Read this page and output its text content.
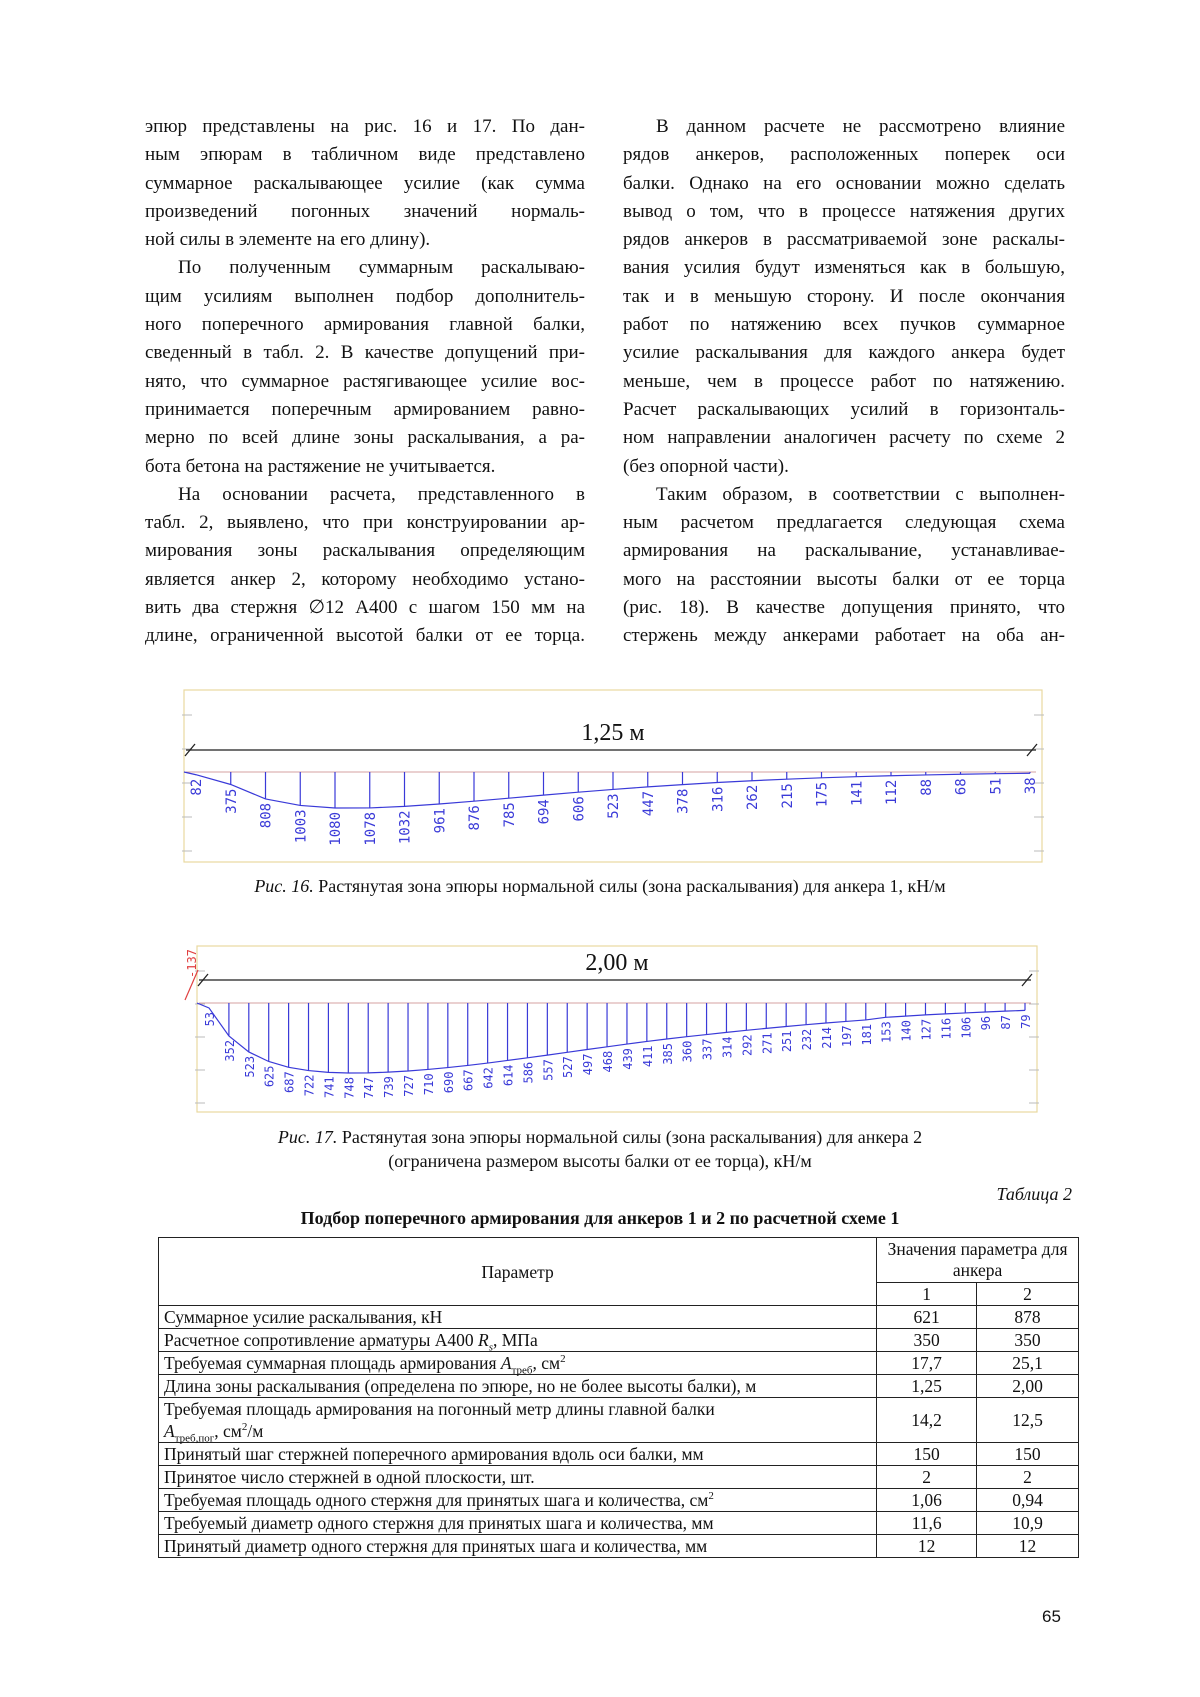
эпюр представлены на рис. 16 и 17. По дан-
ным эпюрам в табличном виде представлено
суммарное раскалывающее усилие (как сумма
произведений погонных значений нормаль-
ной силы в элементе на его длину).
По полученным суммарным раскалываю-
щим усилиям выполнен подбор дополнитель-
ного поперечного армирования главной балки,
сведенный в табл. 2. В качестве допущений при-
нято, что суммарное растягивающее усилие вос-
принимается поперечным армированием равно-
мерно по всей длине зоны раскалывания, а ра-
бота бетона на растяжение не учитывается.
На основании расчета, представленного в
табл. 2, выявлено, что при конструировании ар-
мирования зоны раскалывания определяющим
является анкер 2, которому необходимо устано-
вить два стержня ∅12 А400 с шагом 150 мм на
длине, ограниченной высотой балки от ее торца.
В данном расчете не рассмотрено влияние
рядов анкеров, расположенных поперек оси
балки. Однако на его основании можно сделать
вывод о том, что в процессе натяжения других
рядов анкеров в рассматриваемой зоне раскалы-
вания усилия будут изменяться как в большую,
так и в меньшую сторону. И после окончания
работ по натяжению всех пучков суммарное
усилие раскалывания для каждого анкера будет
меньше, чем в процессе работ по натяжению.
Расчет раскалывающих усилий в горизонталь-
ном направлении аналогичен расчету по схеме 2
(без опорной части).
Таким образом, в соответствии с выполнен-
ным расчетом предлагается следующая схема
армирования на раскалывание, устанавливае-
мого на расстоянии высоты балки от ее торца
(рис. 18). В качестве допущения принято, что
стержень между анкерами работает на оба ан-
1,25 м
82
375
808 1003 1080 1078 1032 961 876 785 694 606 523 447 378 316 262 215 175 141 112 88 68 51 38
2,00 м
53
352
523 625 687 722 741 748 747 739 727 710 690 667 642 614 586 557 527 497 468 439 411 385 360 337 314 292 271 251 232 214 197 181 153 140 127 116 106 96 87 79
-137
Рис. 16. Растянутая зона эпюры нормальной силы (зона раскалывания) для анкера 1, кН/м
Рис. 17. Растянутая зона эпюры нормальной силы (зона раскалывания) для анкера 2
(ограничена размером высоты балки от ее торца), кН/м
Таблица 2
Подбор поперечного армирования для анкеров 1 и 2 по расчетной схеме 1
Параметр	Значения параметра для анкера
1	2
Суммарное усилие раскалывания, кН	621	878
Расчетное сопротивление арматуры А400 Rs, МПа	350	350
Требуемая суммарная площадь армирования Aтреб, см2	17,7	25,1
Длина зоны раскалывания (определена по эпюре, но не более высоты балки), м	1,25	2,00
Требуемая площадь армирования на погонный метр длины главной балки
Aтреб,пог, см2/м	14,2	12,5
Принятый шаг стержней поперечного армирования вдоль оси балки, мм	150	150
Принятое число стержней в одной плоскости, шт.	2	2
Требуемая площадь одного стержня для принятых шага и количества, см2	1,06	0,94
Требуемый диаметр одного стержня для принятых шага и количества, мм	11,6	10,9
Принятый диаметр одного стержня для принятых шага и количества, мм	12	12
65
